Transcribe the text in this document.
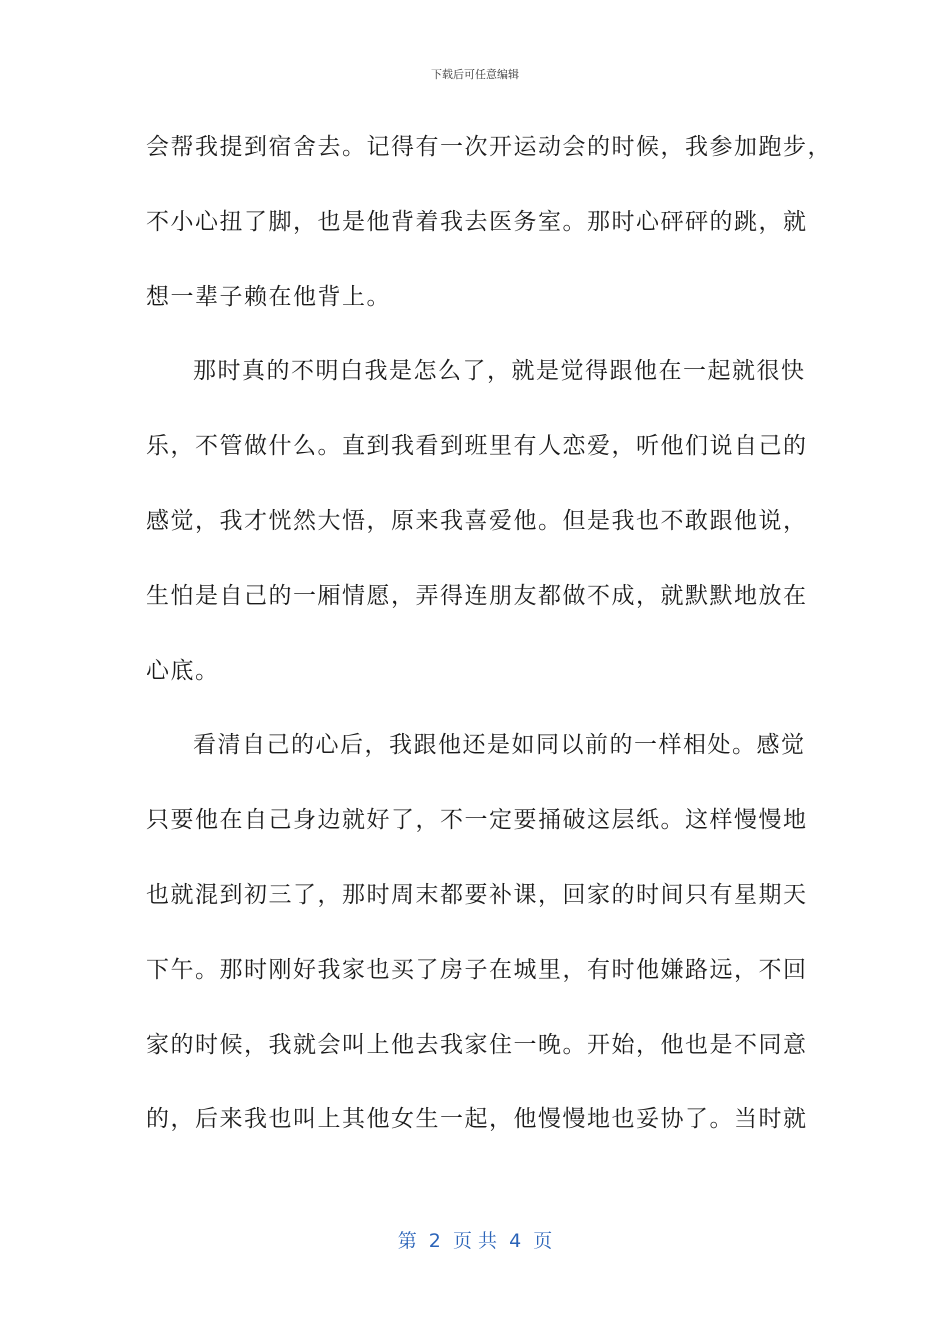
下载后可任意编辑
会帮我提到宿舍去。记得有一次开运动会的时候，我参加跑步，
不小心扭了脚，也是他背着我去医务室。那时心砰砰的跳，就
想一辈子赖在他背上。
那时真的不明白我是怎么了，就是觉得跟他在一起就很快
乐，不管做什么。直到我看到班里有人恋爱，听他们说自己的
感觉，我才恍然大悟，原来我喜爱他。但是我也不敢跟他说，
生怕是自己的一厢情愿，弄得连朋友都做不成，就默默地放在
心底。
看清自己的心后，我跟他还是如同以前的一样相处。感觉
只要他在自己身边就好了，不一定要捅破这层纸。这样慢慢地
也就混到初三了，那时周末都要补课，回家的时间只有星期天
下午。那时刚好我家也买了房子在城里，有时他嫌路远，不回
家的时候，我就会叫上他去我家住一晚。开始，他也是不同意
的，后来我也叫上其他女生一起，他慢慢地也妥协了。当时就
第  2  页 共  4  页
